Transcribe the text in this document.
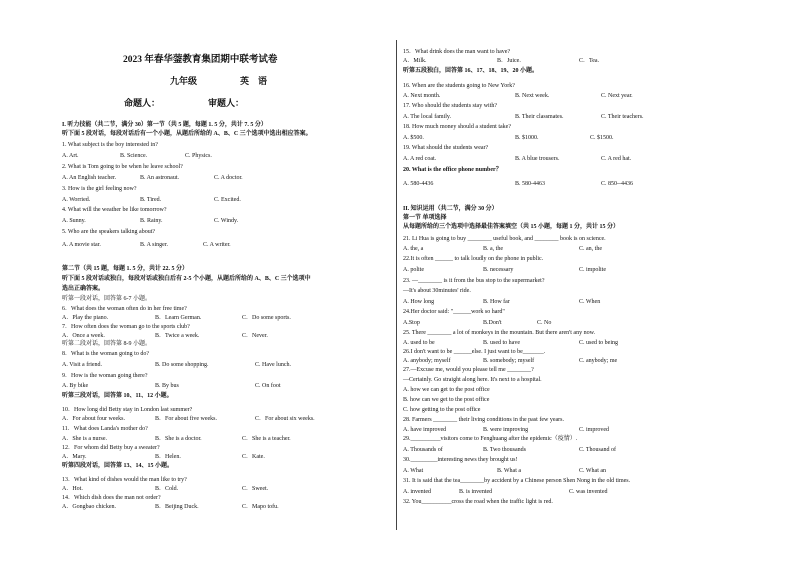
2023 年春华蓥教育集团期中联考试卷
九年级	英　语
命题人：	审题人：
I. 听力技能（共二节，满分 30）第一节（共 5 题，每题 1. 5 分，共计 7. 5 分）
听下面 5 段对话，每段对话后有一个小题，从题后所给的 A、B、C 三个选项中选出相应答案。
1. What subject is the boy interested in?
A. Art.	B. Science.	C. Physics.
2. What is Tom going to be when he leave school?
A. An English teacher.	B. An astronaut.	C. A doctor.
3. How is the girl feeling now?
A. Worried.	B. Tired.	C. Excited.
4. What will the weather be like tomorrow?
A. Sunny.	B. Rainy.	C. Windy.
5. Who are the speakers talking about?
A. A movie star.	B. A singer.	C. A writer.
第二节（共 15 题，每题 1. 5 分，共计 22. 5 分）
听下面 5 段对话或独白，每段对话或独白后有 2-5 个小题，从题后所给的 A、B、C 三个选项中
选出正确答案。
听第一段对话，回答第 6-7 小题。
6．What does the woman often do in her free time?
A．Play the piano.	B．Learn German.	C．Do some sports.
7．How often does the woman go to the sports club?
A．Once a week.	B．Twice a week.	C．Never.
听第二段对话，回答第 8-9 小题。
8．What is the woman going to do?
A. Visit a friend.	B. Do some shopping.	C. Have lunch.
9．How is the woman going there?
A. By bike	B. By bus	C. On foot
听第三段对话，回答第 10、11、12 小题。
10．How long did Betty stay in London last summer?
A．For about four weeks.	B．For about five weeks.	C．For about six weeks.
11．What does Landa's mother do?
A．She is a nurse.	B．She is a doctor.	C．She is a teacher.
12．For whom did Betty buy a sweater?
A．Mary.	B．Helen.	C．Kate.
听第四段对话，回答第 13、14、15 小题。
13．What kind of dishes would the man like to try?
A．Hot.	B．Cold.	C．Sweet.
14．Which dish does the man not order?
A．Gongbao chicken.	B．Beijing Duck.	C．Mapo tofu.
15．What drink does the man want to have?
A．Milk.	B．Juice.	C．Tea.
听第五段独白，回答第 16、17、18、19、20 小题。
16. When are the students going to New York?
A. Next month.	B. Next week.	C. Next year.
17. Who should the students stay with?
A. The local family.	B. Their classmates.	C. Their teachers.
18. How much money should a student take?
A. $500.	B. $1000.	C. $1500.
19. What should the students wear?
A. A red coat.	B. A blue trousers.	C. A red hat.
20. What is the office phone number？
A. 580-4436	B. 580-4463	C. 850--4436
II. 知识运用（共二节，满分 30 分）
第一节 单项选择
从每题所给的三个选项中选择最佳答案填空（共 15 小题，每题 1 分，共计 15 分）
21. Li Hua is going to buy ________ useful book, and ________ book is on science.
A. the, a	B. a, the	C. an, the
22.It is often ______ to talk loudly on the phone in public.
A. polite	B. necessary	C. impolite
23. —________ is it from the bus stop to the supermarket?
—It's about 30minutes' ride.
A. How long	B. How far	C. When
24.Her doctor said: "______work so hard"
A.Stop	B.Don't	C. No
25. There ________ a lot of monkeys in the mountain. But there aren't any now.
A. used to be	B. used to have	C. used to being
26.I don't want to be ______else. I just want to be_______.
A. anybody; myself	B. somebody; myself	C. anybody; me
27.—Excuse me, would you please tell me ________?
—Certainly. Go straight along here. It's next to a hospital.
A. how we can get to the post office
B. how can we get to the post office
C. how getting to the post office
28. Farmers ________ their living conditions in the past few years.
A. have improved	B. were improving	C. improved
29.__________visitors come to Fenghuang after the epidemic（疫情）.
A. Thousands of	B. Two thousands	C. Thousand of
30._________interesting news they brought us!
A. What	B. What a	C. What an
31. It is said that the tea________by accident by a Chinese person Shen Nong in the old times.
A. invented	B. is invented	C. was invented
32. You__________cross the road when the traffic light is red.
